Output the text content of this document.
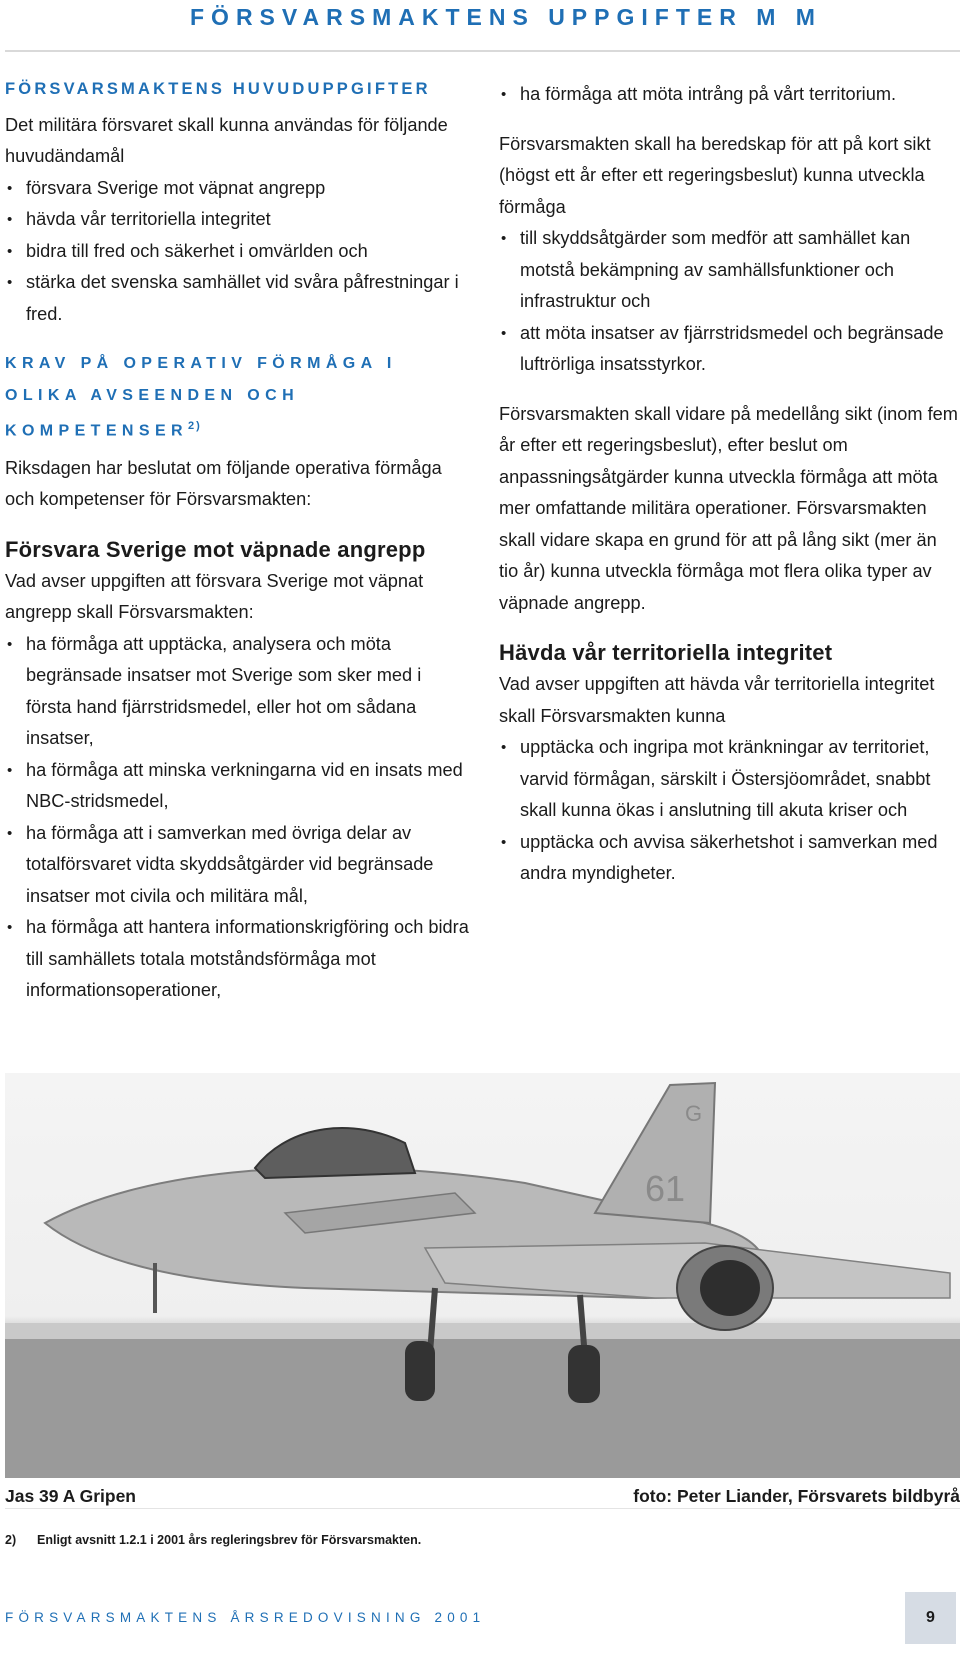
FÖRSVARSMAKTENS UPPGIFTER M M
FÖRSVARSMAKTENS HUVUDUPPGIFTER

Det militära försvaret skall kunna användas för följande huvudändamål

• försvara Sverige mot väpnat angrepp
• hävda vår territoriella integritet
• bidra till fred och säkerhet i omvärlden och
• stärka det svenska samhället vid svåra påfrestningar i fred.
KRAV PÅ OPERATIV FÖRMÅGA I OLIKA AVSEENDEN OCH KOMPETENSER$^{2)}$

Riksdagen har beslutat om följande operativa förmåga och kompetenser för Försvarsmakten:

Försvara Sverige mot väpnade angrepp

Vad avser uppgiften att försvara Sverige mot väpnat angrepp skall Försvarsmakten:

• ha förmåga att upptäcka, analysera och möta begränsade insatser mot Sverige som sker med i första hand fjärrstridsmedel, eller hot om sådana insatser,
• ha förmåga att minska verkningarna vid en insats med NBC-stridsmedel,
• ha förmåga att i samverkan med övriga delar av totalförsvaret vidta skyddsåtgärder vid begränsade insatser mot civila och militära mål,
• ha förmåga att hantera informationskrigföring och bidra till samhällets totala motståndsförmåga mot informationsoperationer,
• ha förmåga att möta intrång på vårt territorium.

Försvarsmakten skall ha beredskap för att på kort sikt (högst ett år efter ett regeringsbeslut) kunna utveckla förmåga

• till skyddsåtgärder som medför att samhället kan motstå bekämpning av samhällsfunktioner och infrastruktur och
• att möta insatser av fjärrstridsmedel och begränsade luftrörliga insatsstyrkor.

Försvarsmakten skall vidare på medellång sikt (inom fem år efter ett regeringsbeslut), efter beslut om anpassningsåtgärder kunna utveckla förmåga att möta mer omfattande militära operationer. Försvarsmakten skall vidare skapa en grund för att på lång sikt (mer än tio år) kunna utveckla förmåga mot flera olika typer av väpnade angrepp.

Hävda vår territoriella integritet

Vad avser uppgiften att hävda vår territoriella integritet skall Försvarsmakten kunna

• upptäcka och ingripa mot kränkningar av territoriet, varvid förmågan, särskilt i Östersjöområdet, snabbt skall kunna ökas i anslutning till akuta kriser och
• upptäcka och avvisa säkerhetshot i samverkan med andra myndigheter.
61
G
Jas 39 A Gripen	foto: Peter Liander, Försvarets bildbyrå
2) Enligt avsnitt 1.2.1 i 2001 års regleringsbrev för Försvarsmakten.
FÖRSVARSMAKTENS ÅRSREDOVISNING 2001	9
